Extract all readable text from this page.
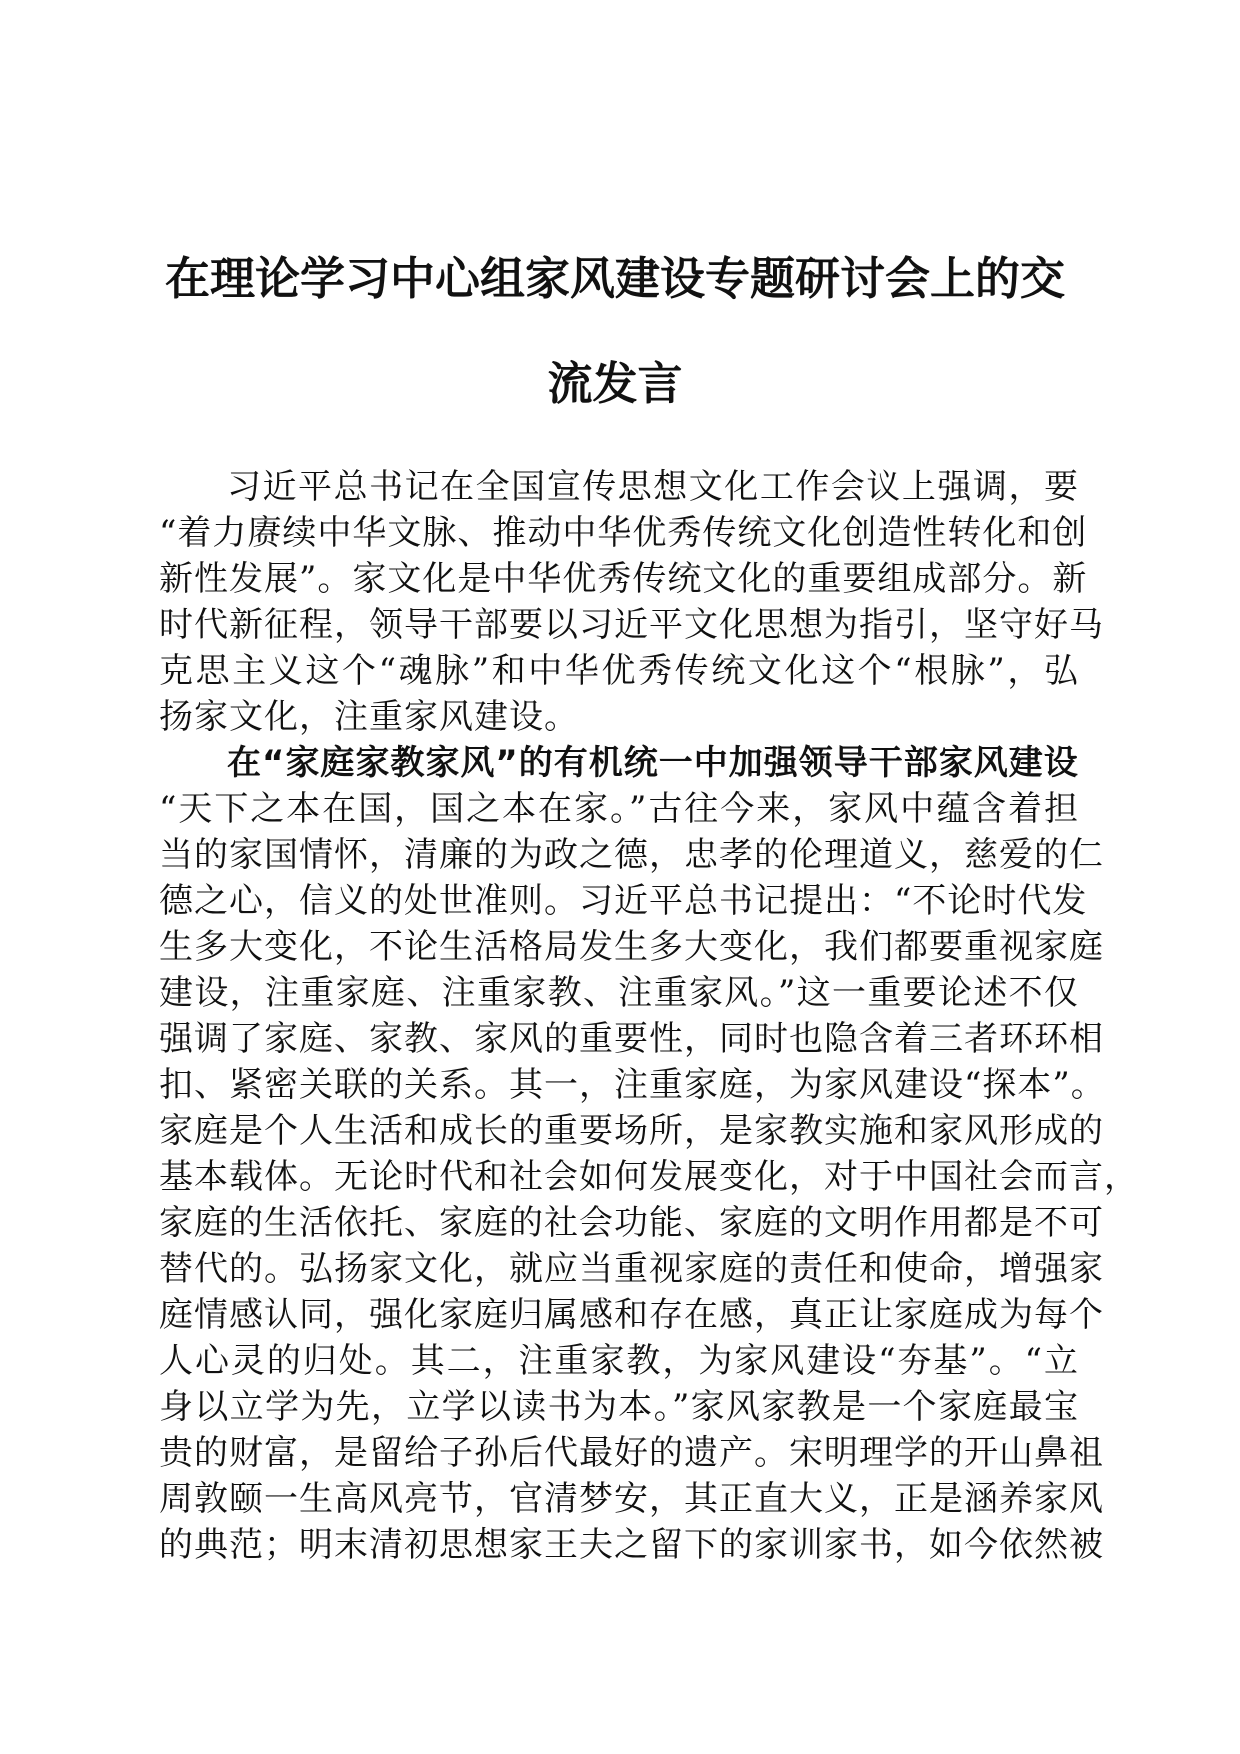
在理论学习中心组家风建设专题研讨会上的交
流发言
习近平总书记在全国宣传思想文化工作会议上强调，要
“着力赓续中华文脉、推动中华优秀传统文化创造性转化和创
新性发展”。家文化是中华优秀传统文化的重要组成部分。新
时代新征程，领导干部要以习近平文化思想为指引，坚守好马
克思主义这个“魂脉”和中华优秀传统文化这个“根脉”，弘
扬家文化，注重家风建设。
在“家庭家教家风”的有机统一中加强领导干部家风建设
“天下之本在国，国之本在家。”古往今来，家风中蕴含着担
当的家国情怀，清廉的为政之德，忠孝的伦理道义，慈爱的仁
德之心，信义的处世准则。习近平总书记提出：“不论时代发
生多大变化，不论生活格局发生多大变化，我们都要重视家庭
建设，注重家庭、注重家教、注重家风。”这一重要论述不仅
强调了家庭、家教、家风的重要性，同时也隐含着三者环环相
扣、紧密关联的关系。其一，注重家庭，为家风建设“探本”。
家庭是个人生活和成长的重要场所，是家教实施和家风形成的
基本载体。无论时代和社会如何发展变化，对于中国社会而言，
家庭的生活依托、家庭的社会功能、家庭的文明作用都是不可
替代的。弘扬家文化，就应当重视家庭的责任和使命，增强家
庭情感认同，强化家庭归属感和存在感，真正让家庭成为每个
人心灵的归处。其二，注重家教，为家风建设“夯基”。“立
身以立学为先，立学以读书为本。”家风家教是一个家庭最宝
贵的财富，是留给子孙后代最好的遗产。宋明理学的开山鼻祖
周敦颐一生高风亮节，官清梦安，其正直大义，正是涵养家风
的典范；明末清初思想家王夫之留下的家训家书，如今依然被
